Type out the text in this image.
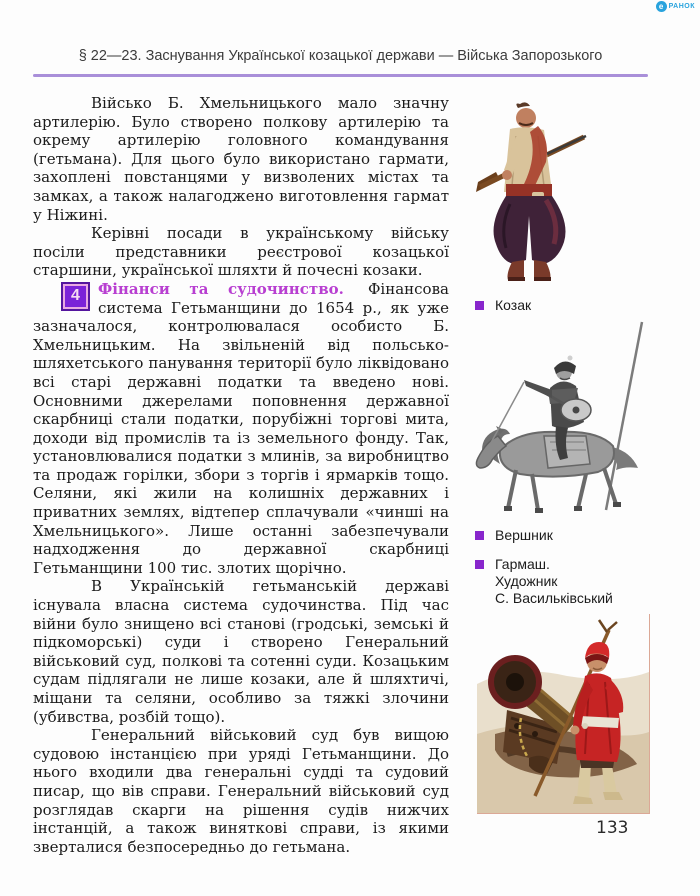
е РАНОК
§ 22—23. Заснування Української козацької держави — Війська Запорозького

Військо Б. Хмельницького мало значну артилерію. Було створено полкову артилерію та окрему артилерію головного командування (гетьмана). Для цього було використано гармати, захоплені повстанцями у визволених містах та замках, а також налагоджено виготовлення гармат у Ніжині.

Керівні посади в українському війську посіли представники реєстрової козацької старшини, української шляхти й почесні козаки.

4	Фінанси та судочинство. Фінансова система Гетьманщини до 1654 р., як уже зазначалося, контролювалася особисто Б. Хмельницьким. На звільненій від польсько-шляхетського панування території було ліквідовано всі старі державні податки та введено нові. Основними джерелами поповнення державної скарбниці стали податки, порубіжні торгові мита, доходи від промислів та із земельного фонду. Так, установлювалися податки з млинів, за виробництво та продаж горілки, збори з торгів і ярмарків тощо. Селяни, які жили на колишніх державних і приватних землях, відтепер сплачували «чинші на Хмельницького». Лише останні забезпечували надходження до державної скарбниці Гетьманщини 100 тис. злотих щорічно.

В Українській гетьманській державі існувала власна система судочинства. Під час війни було знищено всі станові (гродські, земські й підкоморські) суди і створено Генеральний військовий суд, полкові та сотенні суди. Козацьким судам підлягали не лише козаки, але й шляхтичі, міщани та селяни, особливо за тяжкі злочини (убивства, розбій тощо).

Генеральний військовий суд був вищою судовою інстанцією при уряді Гетьманщини. До нього входили два генеральні судді та судовий писар, що вів справи. Генеральний військовий суд розглядав скарги на рішення судів нижчих інстанцій, а також виняткові справи, із якими зверталися безпосередньо до гетьмана.

Козак
Вершник
Гармаш.
Художник
С. Васильківський
133
